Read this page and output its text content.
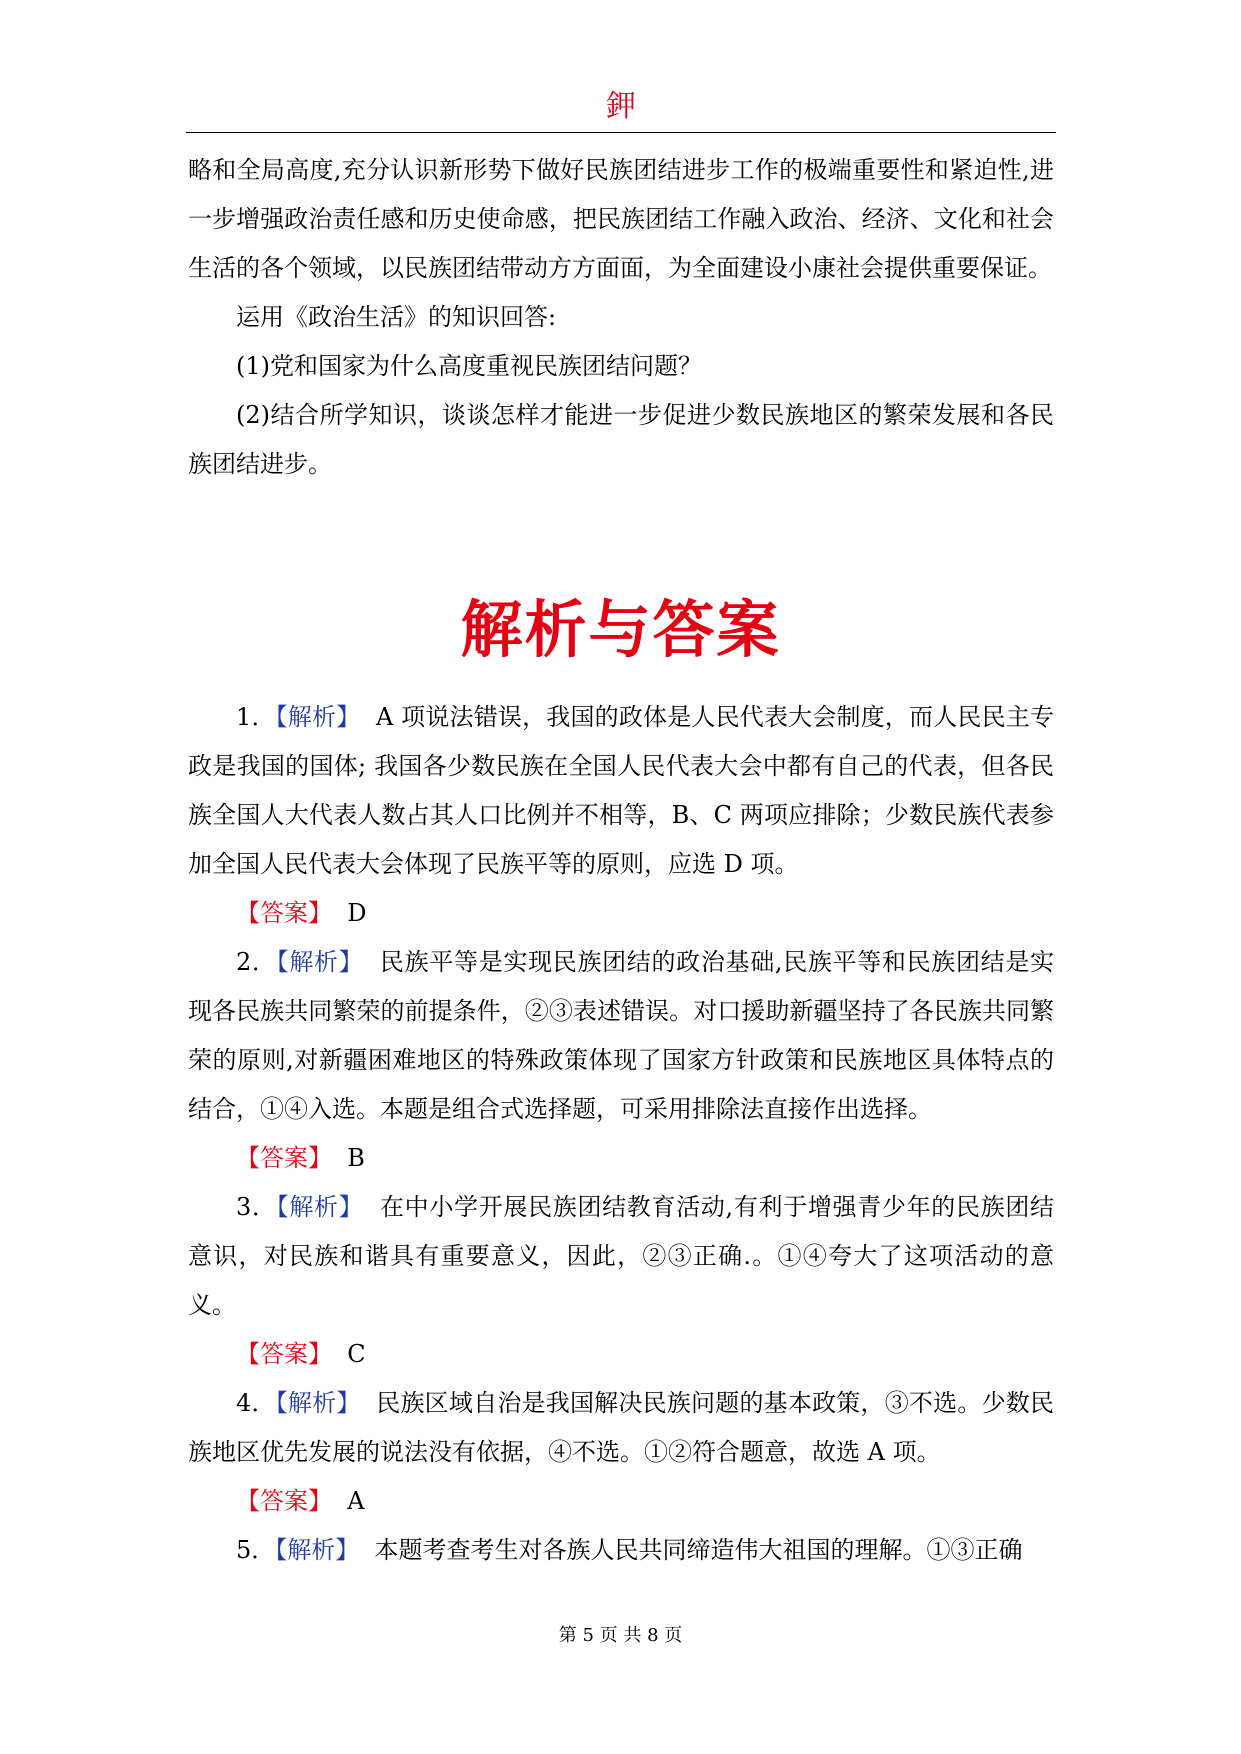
鉀

略和全局高度,充分认识新形势下做好民族团结进步工作的极端重要性和紧迫性,进一步增强政治责任感和历史使命感，把民族团结工作融入政治、经济、文化和社会生活的各个领域，以民族团结带动方方面面，为全面建设小康社会提供重要保证。

运用《政治生活》的知识回答:

(1)党和国家为什么高度重视民族团结问题？

(2)结合所学知识，谈谈怎样才能进一步促进少数民族地区的繁荣发展和各民族团结进步。

解析与答案

1．【解析】 A 项说法错误，我国的政体是人民代表大会制度，而人民民主专政是我国的国体; 我国各少数民族在全国人民代表大会中都有自己的代表，但各民族全国人大代表人数占其人口比例并不相等，B、C 两项应排除；少数民族代表参加全国人民代表大会体现了民族平等的原则，应选 D 项。

【答案】 D

2．【解析】 民族平等是实现民族团结的政治基础,民族平等和民族团结是实现各民族共同繁荣的前提条件，②③表述错误。对口援助新疆坚持了各民族共同繁荣的原则,对新疆困难地区的特殊政策体现了国家方针政策和民族地区具体特点的结合，①④入选。本题是组合式选择题，可采用排除法直接作出选择。

【答案】 B

3．【解析】 在中小学开展民族团结教育活动,有利于增强青少年的民族团结意识，对民族和谐具有重要意义，因此，②③正确.。①④夸大了这项活动的意义。

【答案】 C

4．【解析】 民族区域自治是我国解决民族问题的基本政策，③不选。少数民族地区优先发展的说法没有依据，④不选。①②符合题意，故选 A 项。

【答案】 A

5．【解析】 本题考查考生对各族人民共同缔造伟大祖国的理解。①③正确

第 5 页 共 8 页
